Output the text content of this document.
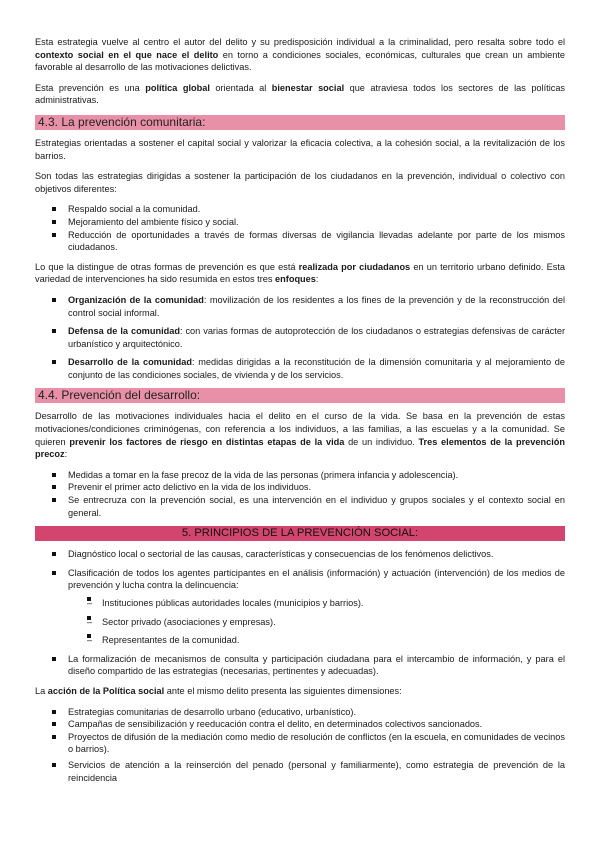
Esta estrategia vuelve al centro el autor del delito y su predisposición individual a la criminalidad, pero resalta sobre todo el contexto social en el que nace el delito en torno a condiciones sociales, económicas, culturales que crean un ambiente favorable al desarrollo de las motivaciones delictivas.

Esta prevención es una política global orientada al bienestar social que atraviesa todos los sectores de las políticas administrativas.

4.3. La prevención comunitaria:

Estrategias orientadas a sostener el capital social y valorizar la eficacia colectiva, a la cohesión social, a la revitalización de los barrios.

Son todas las estrategias dirigidas a sostener la participación de los ciudadanos en la prevención, individual o colectivo con objetivos diferentes:

Respaldo social a la comunidad.
Mejoramiento del ambiente físico y social.
Reducción de oportunidades a través de formas diversas de vigilancia llevadas adelante por parte de los mismos ciudadanos.

Lo que la distingue de otras formas de prevención es que está realizada por ciudadanos en un territorio urbano definido. Esta variedad de intervenciones ha sido resumida en estos tres enfoques:

Organización de la comunidad: movilización de los residentes a los fines de la prevención y de la reconstrucción del control social informal.
Defensa de la comunidad: con varias formas de autoprotección de los ciudadanos o estrategias defensivas de carácter urbanístico y arquitectónico.
Desarrollo de la comunidad: medidas dirigidas a la reconstitución de la dimensión comunitaria y al mejoramiento de conjunto de las condiciones sociales, de vivienda y de los servicios.
4.4. Prevención del desarrollo:

Desarrollo de las motivaciones individuales hacia el delito en el curso de la vida. Se basa en la prevención de estas motivaciones/condiciones criminógenas, con referencia a los individuos, a las familias, a las escuelas y a la comunidad. Se quieren prevenir los factores de riesgo en distintas etapas de la vida de un individuo. Tres elementos de la prevención precoz:

Medidas a tomar en la fase precoz de la vida de las personas (primera infancia y adolescencia).
Prevenir el primer acto delictivo en la vida de los individuos.
Se entrecruza con la prevención social, es una intervención en el individuo y grupos sociales y el contexto social en general.
5. PRINCIPIOS DE LA PREVENCIÓN SOCIAL:
Diagnóstico local o sectorial de las causas, características y consecuencias de los fenómenos delictivos.
Clasificación de todos los agentes participantes en el análisis (información) y actuación (intervención) de los medios de prevención y lucha contra la delincuencia:
– Instituciones públicas autoridades locales (municipios y barrios).
– Sector privado (asociaciones y empresas).
– Representantes de la comunidad.
La formalización de mecanismos de consulta y participación ciudadana para el intercambio de información, y para el diseño compartido de las estrategias (necesarias, pertinentes y adecuadas).

La acción de la Política social ante el mismo delito presenta las siguientes dimensiones:

Estrategias comunitarias de desarrollo urbano (educativo, urbanístico).
Campañas de sensibilización y reeducación contra el delito, en determinados colectivos sancionados.
Proyectos de difusión de la mediación como medio de resolución de conflictos (en la escuela, en comunidades de vecinos o barrios).
Servicios de atención a la reinserción del penado (personal y familiarmente), como estrategia de prevención de la reincidencia
